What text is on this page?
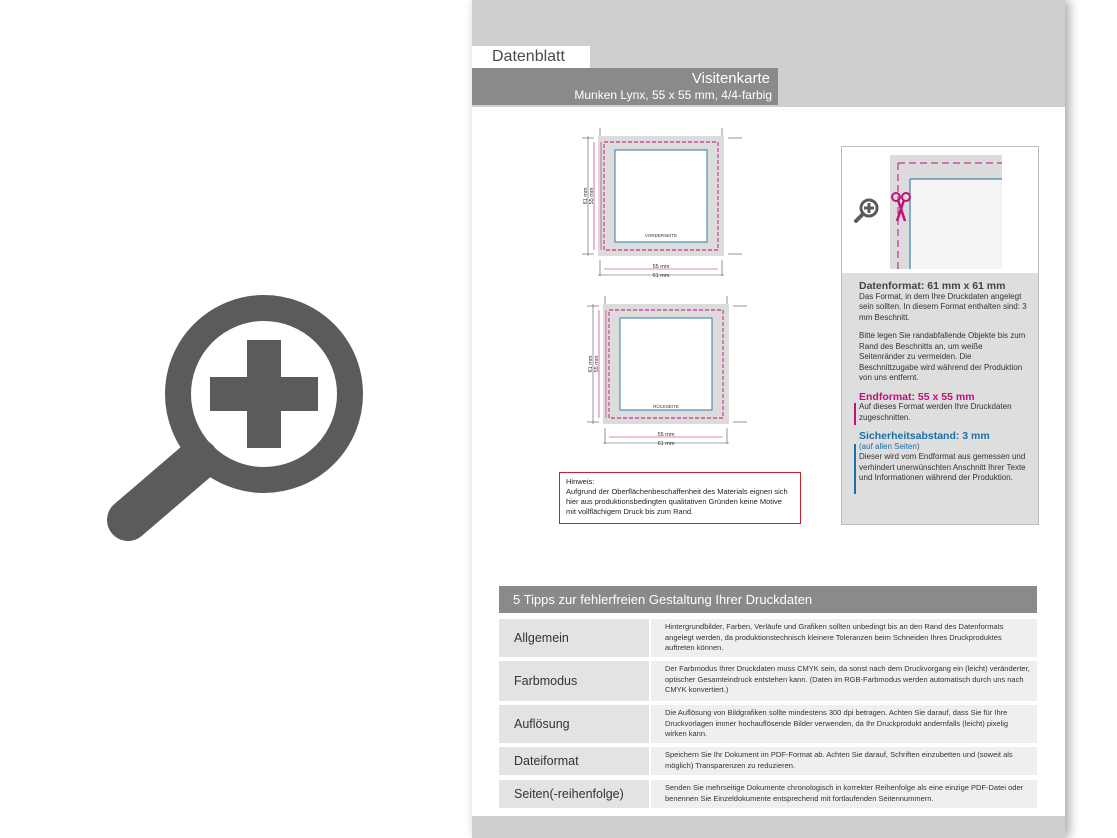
Datenblatt
Visitenkarte
Munken Lynx, 55 x 55 mm, 4/4-farbig
VORDERSEITE
55 mm
61 mm
61 mm 55 mm
RÜCKSEITE
55 mm
61 mm
61 mm 55 mm
Hinweis:
Aufgrund der Oberflächenbeschaffenheit des Materials eignen sich hier aus produktionsbedingten qualitativen Gründen keine Motive mit vollflächigem Druck bis zum Rand.
Datenformat: 61 mm x 61 mm
Das Format, in dem Ihre Druckdaten angelegt sein sollten. In diesem Format enthalten sind: 3 mm Beschnitt.

Bitte legen Sie randabfallende Objekte bis zum Rand des Beschnitts an, um weiße Seitenränder zu vermeiden. Die Beschnittzugabe wird während der Produktion von uns entfernt.

Endformat: 55 x 55 mm
Auf dieses Format werden Ihre Druckdaten zugeschnitten.
Sicherheitsabstand: 3 mm
(auf allen Seiten)
Dieser wird vom Endformat aus gemessen und verhindert unerwünschten Anschnitt Ihrer Texte und Informationen während der Produktion.
5 Tipps zur fehlerfreien Gestaltung Ihrer Druckdaten
Allgemein
Hintergrundbilder, Farben, Verläufe und Grafiken sollten unbedingt bis an den Rand des Datenformats angelegt werden, da produktionstechnisch kleinere Toleranzen beim Schneiden Ihres Druckproduktes auftreten können.
Farbmodus
Der Farbmodus Ihrer Druckdaten muss CMYK sein, da sonst nach dem Druckvorgang ein (leicht) veränderter, optischer Gesamteindruck entstehen kann. (Daten im RGB-Farbmodus werden automatisch durch uns nach CMYK konvertiert.)
Auflösung
Die Auflösung von Bildgrafiken sollte mindestens 300 dpi betragen. Achten Sie darauf, dass Sie für Ihre Druckvorlagen immer hochauflösende Bilder verwenden, da Ihr Druckprodukt andernfalls (leicht) pixelig wirken kann.
Dateiformat	Speichern Sie Ihr Dokument im PDF-Format ab. Achten Sie darauf, Schriften einzubetten und (soweit als möglich) Transparenzen zu reduzieren.
Seiten(-reihenfolge)	Senden Sie mehrseitige Dokumente chronologisch in korrekter Reihenfolge als eine einzige PDF-Datei oder benennen Sie Einzeldokumente entsprechend mit fortlaufenden Seitennummern.
